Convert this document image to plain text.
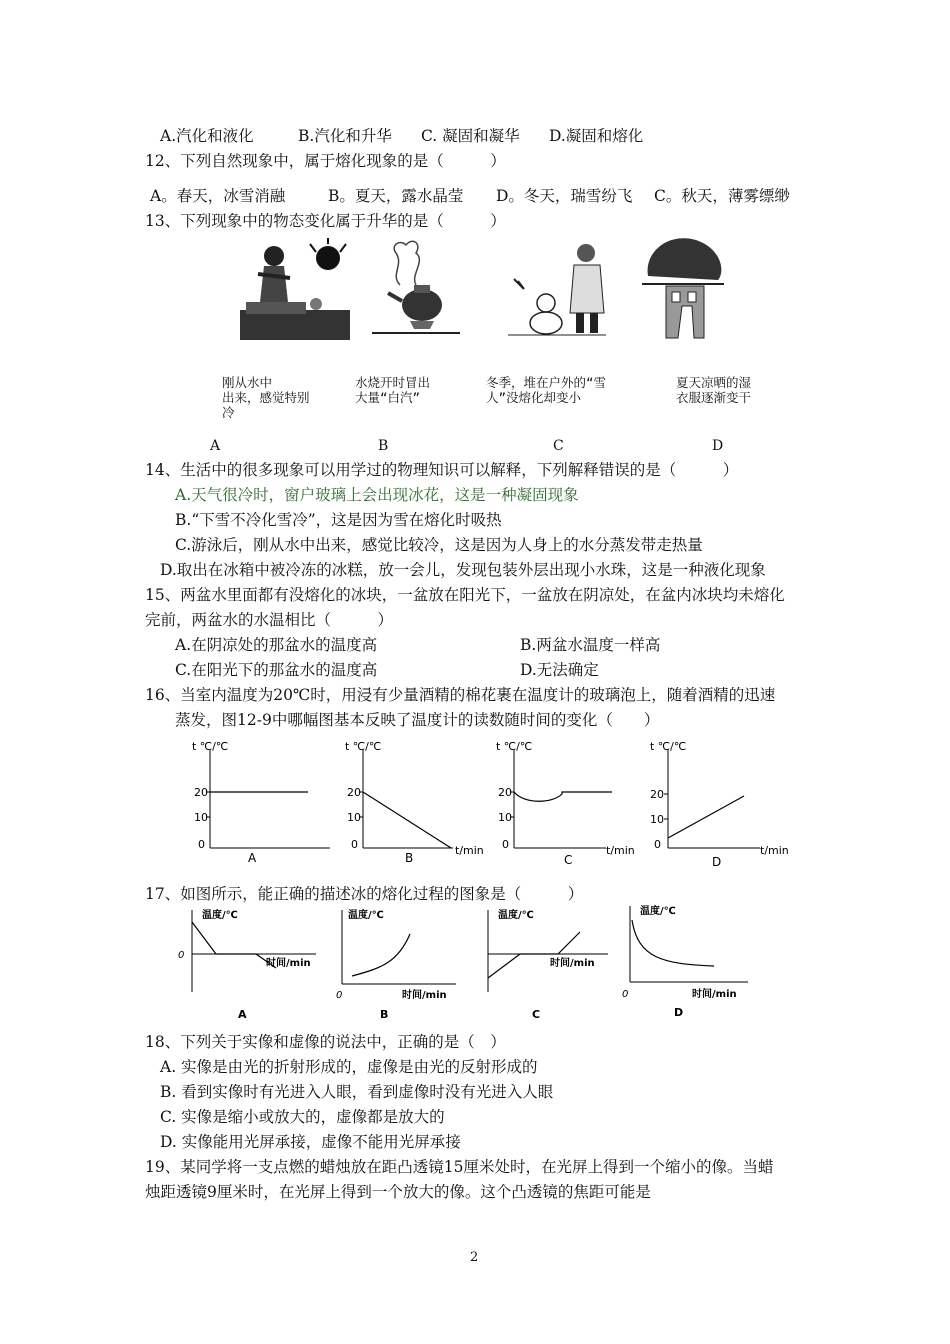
A.汽化和液化	B.汽化和升华 C. 凝固和凝华 D.凝固和熔化
12、下列自然现象中，属于熔化现象的是（　　　）
A。春天，冰雪消融	B。夏天，露水晶莹 D。冬天，瑞雪纷飞 C。秋天，薄雾缥缈
13、下列现象中的物态变化属于升华的是（　　　）
刚从水中
出来，感觉特别
冷
水烧开时冒出
大量“白汽”
冬季，堆在户外的“雪
人”没熔化却变小
夏天凉晒的湿
衣服逐渐变干
A	B	C	D
14、生活中的很多现象可以用学过的物理知识可以解释，下列解释错误的是（　　　）
A.天气很冷时，窗户玻璃上会出现冰花，这是一种凝固现象
B.“下雪不冷化雪冷”，这是因为雪在熔化时吸热
C.游泳后，刚从水中出来，感觉比较冷，这是因为人身上的水分蒸发带走热量
D.取出在冰箱中被冷冻的冰糕，放一会儿，发现包装外层出现小水珠，这是一种液化现象
15、两盆水里面都有没熔化的冰块，一盆放在阳光下，一盆放在阴凉处，在盆内冰块均未熔化
完前，两盆水的水温相比（　　　）
A.在阴凉处的那盆水的温度高	B.两盆水温度一样高
C.在阳光下的那盆水的温度高	D.无法确定
16、当室内温度为20℃时，用浸有少量酒精的棉花裹在温度计的玻璃泡上，随着酒精的迅速
蒸发，图12-9中哪幅图基本反映了温度计的读数随时间的变化（　　）
t ℃/℃
20
10
0
A
t ℃/℃
20
10
0	t/min
B
t ℃/℃
20
10
0	t/min
C
t ℃/℃
20
10
0	t/min
D
17、如图所示，能正确的描述冰的熔化过程的图象是（　　　）
温度/℃
0
时间/min
A
温度/℃
0	时间/min
B
温度/℃
时间/min
C
温度/℃
0	时间/min
D
18、下列关于实像和虚像的说法中，正确的是（　）
A. 实像是由光的折射形成的，虚像是由光的反射形成的
B. 看到实像时有光进入人眼，看到虚像时没有光进入人眼
C. 实像是缩小或放大的，虚像都是放大的
D. 实像能用光屏承接，虚像不能用光屏承接
19、某同学将一支点燃的蜡烛放在距凸透镜15厘米处时，在光屏上得到一个缩小的像。当蜡
烛距透镜9厘米时，在光屏上得到一个放大的像。这个凸透镜的焦距可能是
2
